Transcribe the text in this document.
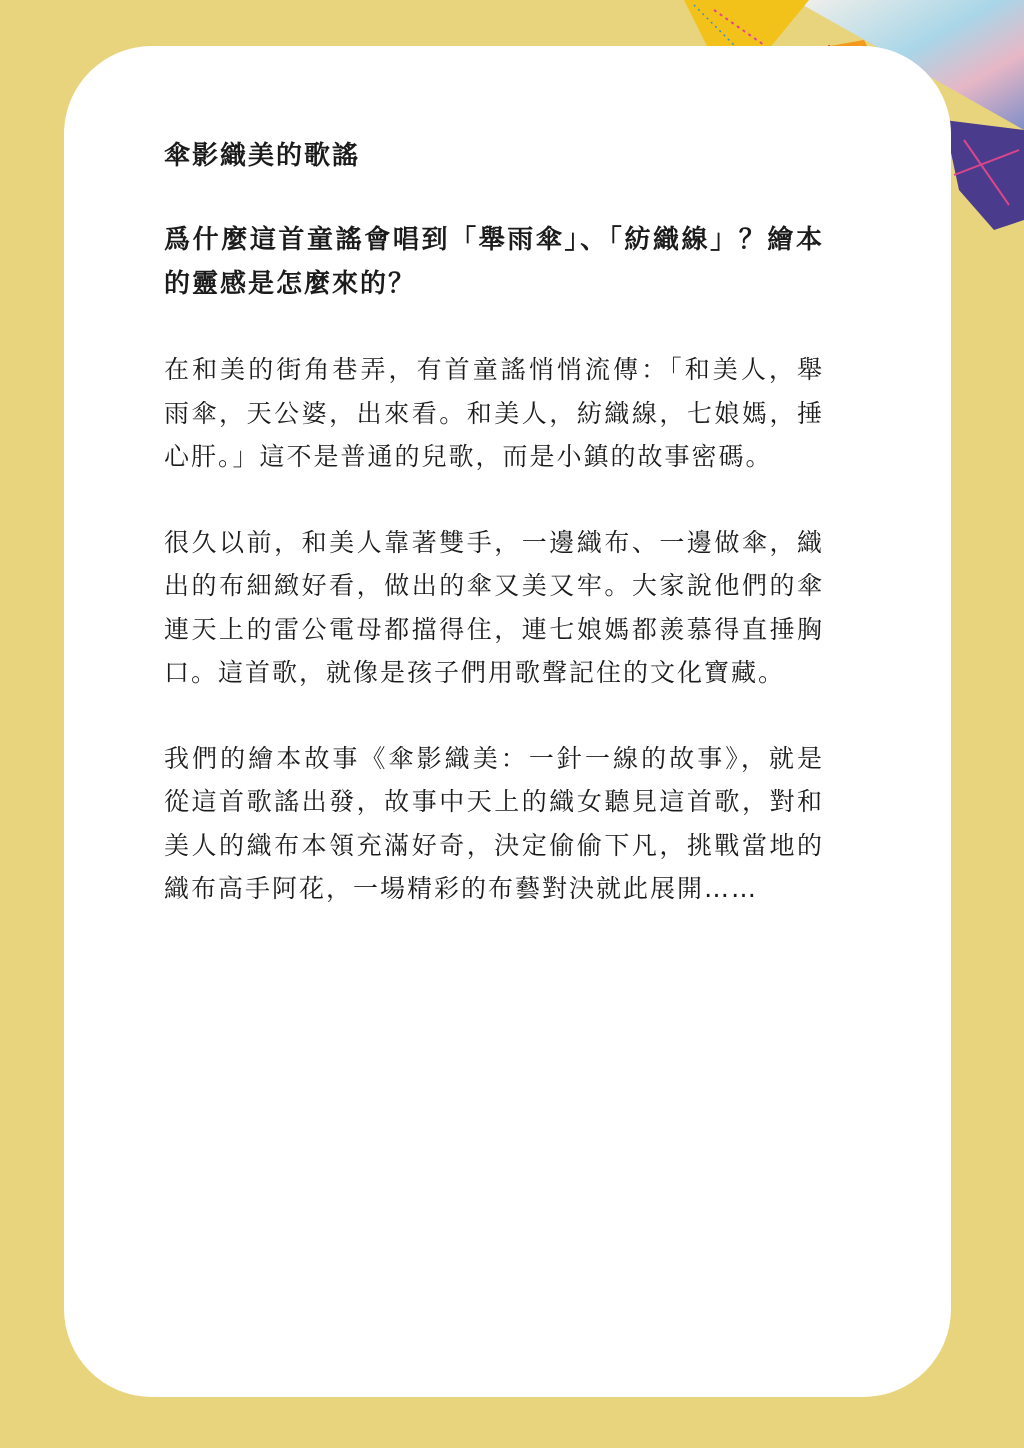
傘影織美的歌謠

爲什麼這首童謠會唱到「舉雨傘」、「紡織線」？繪本的靈感是怎麼來的？

在和美的街角巷弄，有首童謠悄悄流傳：「和美人，舉雨傘，天公婆，出來看。和美人，紡織線，七娘媽，捶心肝。」這不是普通的兒歌，而是小鎮的故事密碼。

很久以前，和美人靠著雙手，一邊織布、一邊做傘，織出的布細緻好看，做出的傘又美又牢。大家說他們的傘連天上的雷公電母都擋得住，連七娘媽都羨慕得直捶胸口。這首歌，就像是孩子們用歌聲記住的文化寶藏。

我們的繪本故事《傘影織美：一針一線的故事》，就是從這首歌謠出發，故事中天上的織女聽見這首歌，對和美人的織布本領充滿好奇，決定偷偷下凡，挑戰當地的織布高手阿花，一場精彩的布藝對決就此展開……
